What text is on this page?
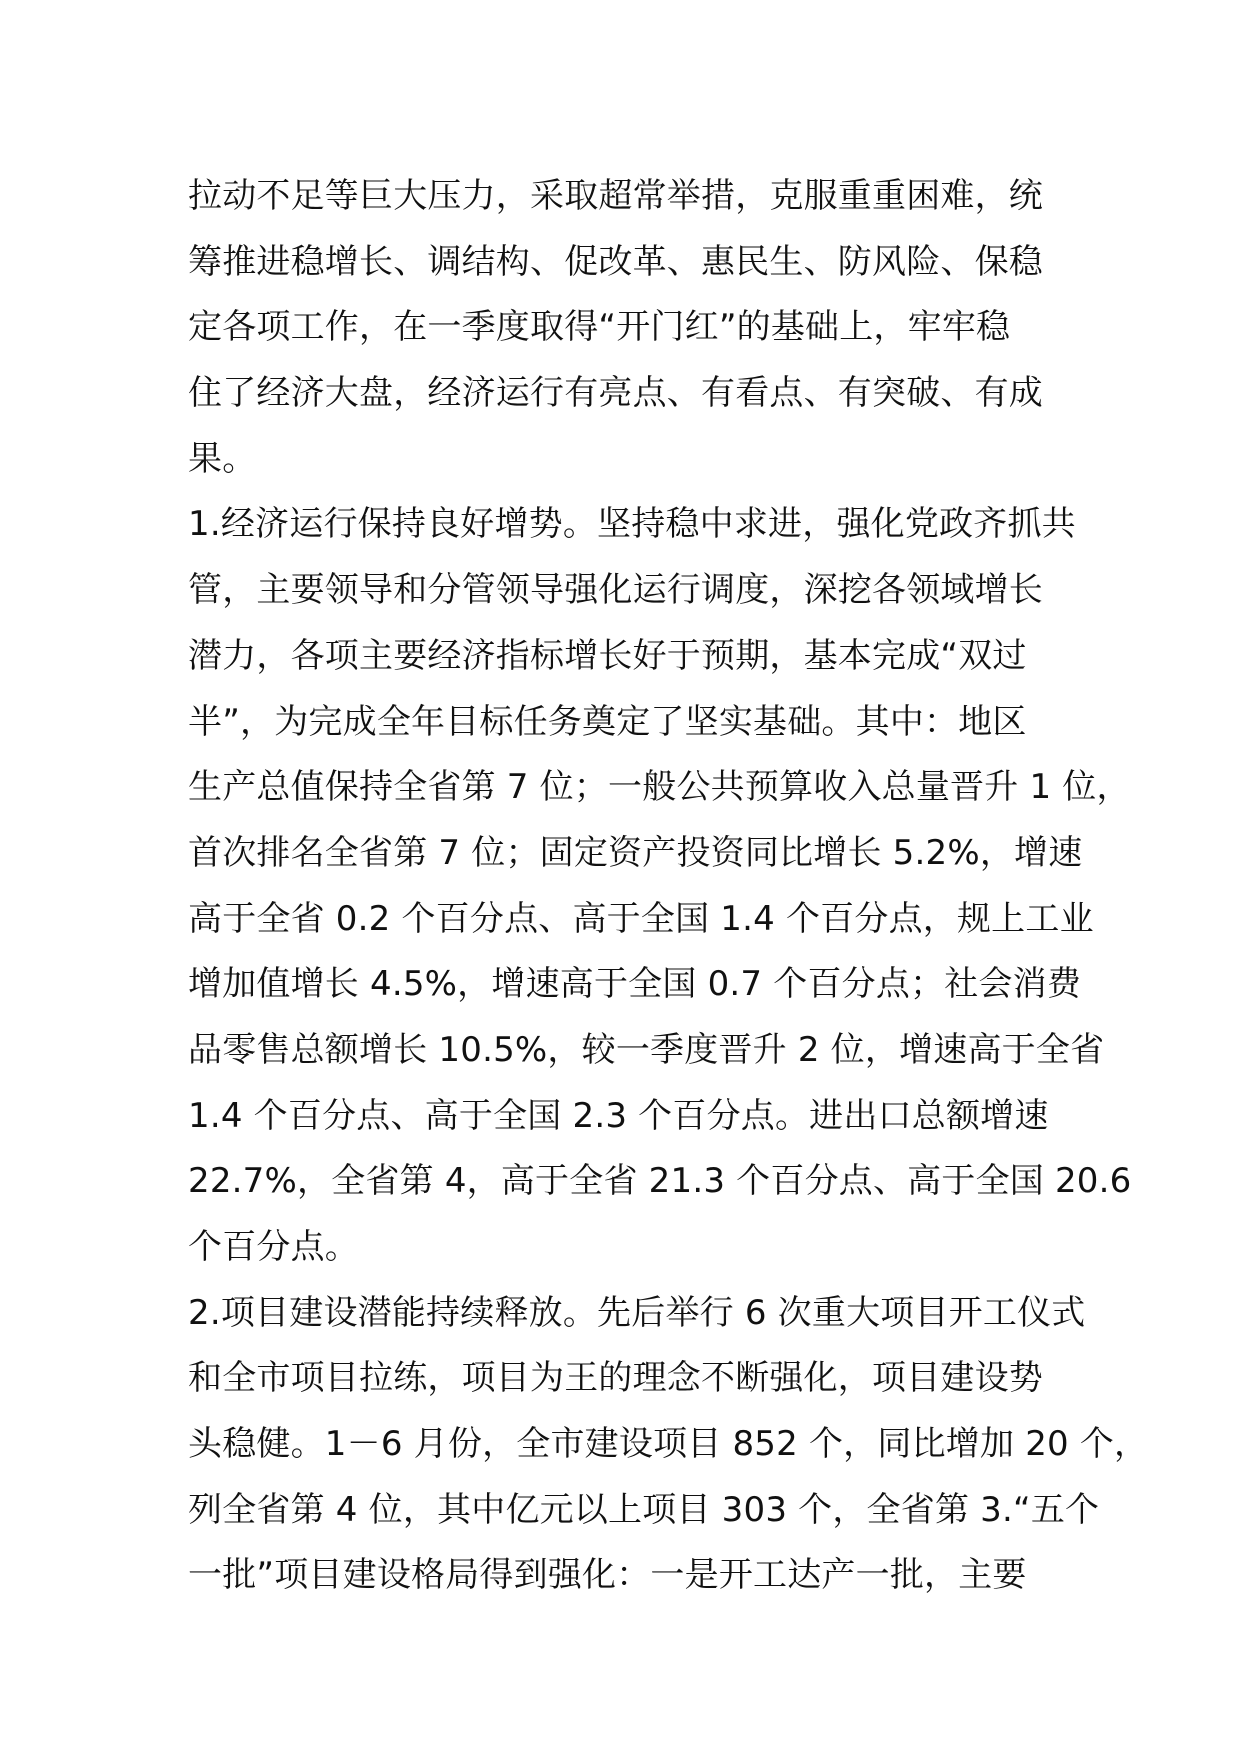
拉动不足等巨大压力，采取超常举措，克服重重困难，统
筹推进稳增长、调结构、促改革、惠民生、防风险、保稳
定各项工作，在一季度取得“开门红”的基础上，牢牢稳
住了经济大盘，经济运行有亮点、有看点、有突破、有成
果。
1.经济运行保持良好增势。坚持稳中求进，强化党政齐抓共
管，主要领导和分管领导强化运行调度，深挖各领域增长
潜力，各项主要经济指标增长好于预期，基本完成“双过
半”，为完成全年目标任务奠定了坚实基础。其中：地区
生产总值保持全省第 7 位；一般公共预算收入总量晋升 1 位，
首次排名全省第 7 位；固定资产投资同比增长 5.2%，增速
高于全省 0.2 个百分点、高于全国 1.4 个百分点，规上工业
增加值增长 4.5%，增速高于全国 0.7 个百分点；社会消费
品零售总额增长 10.5%，较一季度晋升 2 位，增速高于全省
1.4 个百分点、高于全国 2.3 个百分点。进出口总额增速
22.7%，全省第 4，高于全省 21.3 个百分点、高于全国 20.6
个百分点。
2.项目建设潜能持续释放。先后举行 6 次重大项目开工仪式
和全市项目拉练，项目为王的理念不断强化，项目建设势
头稳健。1－6 月份，全市建设项目 852 个，同比增加 20 个，
列全省第 4 位，其中亿元以上项目 303 个，全省第 3.“五个
一批”项目建设格局得到强化：一是开工达产一批，主要
